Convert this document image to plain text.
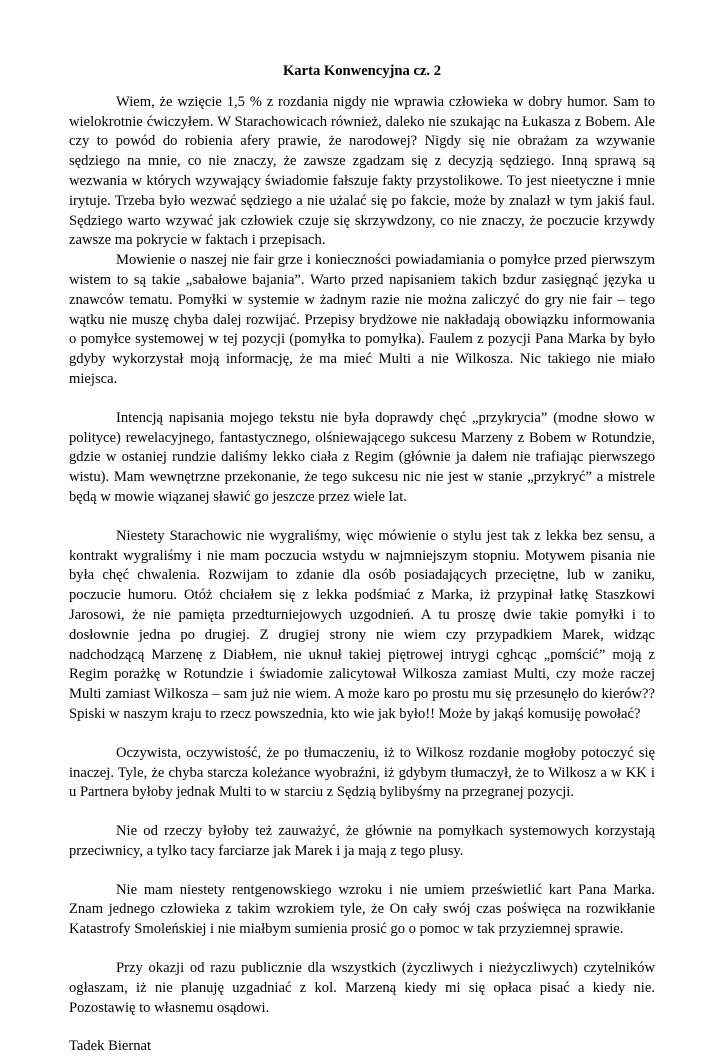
Karta Konwencyjna cz. 2

Wiem, że wzięcie 1,5 % z rozdania nigdy nie wprawia człowieka w dobry humor. Sam to wielokrotnie ćwiczyłem. W Starachowicach również, daleko nie szukając na Łukasza z Bobem. Ale czy to powód do robienia afery prawie, że narodowej? Nigdy się nie obrażam za wzywanie sędziego na mnie, co nie znaczy, że zawsze zgadzam się z decyzją sędziego. Inną sprawą są wezwania w których wzywający świadomie fałszuje fakty przystolikowe. To jest nieetyczne i mnie irytuje. Trzeba było wezwać sędziego a nie użalać się po fakcie, może by znalazł w tym jakiś faul. Sędziego warto wzywać jak człowiek czuje się skrzywdzony, co nie znaczy, że poczucie krzywdy zawsze ma pokrycie w faktach i przepisach.

Mowienie o naszej nie fair grze i konieczności powiadamiania o pomyłce przed pierwszym wistem to są takie „sabałowe bajania”. Warto przed napisaniem takich bzdur zasięgnąć języka u znawców tematu. Pomyłki w systemie w żadnym razie nie można zaliczyć do gry nie fair – tego wątku nie muszę chyba dalej rozwijać. Przepisy brydżowe nie nakładają obowiązku informowania o pomyłce systemowej w tej pozycji (pomyłka to pomyłka). Faulem z pozycji Pana Marka by było gdyby wykorzystał moją informację, że ma mieć Multi a nie Wilkosza. Nic takiego nie miało miejsca.

Intencją napisania mojego tekstu nie była doprawdy chęć „przykrycia” (modne słowo w polityce) rewelacyjnego, fantastycznego, olśniewającego sukcesu Marzeny z Bobem w Rotundzie, gdzie w ostaniej rundzie daliśmy lekko ciała z Regim (głównie ja dałem nie trafiając pierwszego wistu). Mam wewnętrzne przekonanie, że tego sukcesu nic nie jest w stanie „przykryć” a mistrele będą w mowie wiązanej sławić go jeszcze przez wiele lat.

Niestety Starachowic nie wygraliśmy, więc mówienie o stylu jest tak z lekka bez sensu, a kontrakt wygraliśmy i nie mam poczucia wstydu w najmniejszym stopniu. Motywem pisania nie była chęć chwalenia. Rozwijam to zdanie dla osób posiadających przeciętne, lub w zaniku, poczucie humoru. Otóż chciałem się z lekka podśmiać z Marka, iż przypinał łatkę Staszkowi Jarosowi, że nie pamięta przedturniejowych uzgodnień. A tu proszę dwie takie pomyłki i to dosłownie jedna po drugiej. Z drugiej strony nie wiem czy przypadkiem Marek, widząc nadchodzącą Marzenę z Diabłem, nie uknuł takiej piętrowej intrygi cghcąc „pomścić” moją z Regim porażkę w Rotundzie i świadomie zalicytował Wilkosza zamiast Multi, czy może raczej Multi zamiast Wilkosza – sam już nie wiem. A może karo po prostu mu się przesunęło do kierów?? Spiski w naszym kraju to rzecz powszednia, kto wie jak było!! Może by jakąś komusiję powołać?

Oczywista, oczywistość, że po tłumaczeniu, iż to Wilkosz rozdanie mogłoby potoczyć się inaczej. Tyle, że chyba starcza koleżance wyobraźni, iż gdybym tłumaczył, że to Wilkosz a w KK i u Partnera byłoby jednak Multi to w starciu z Sędzią bylibyśmy na przegranej pozycji.

Nie od rzeczy byłoby też zauważyć, że głównie na pomyłkach systemowych korzystają przeciwnicy, a tylko tacy farciarze jak Marek i ja mają z tego plusy.

Nie mam niestety rentgenowskiego wzroku i nie umiem prześwietlić kart Pana Marka. Znam jednego człowieka z takim wzrokiem tyle, że On cały swój czas poświęca na rozwikłanie Katastrofy Smoleńskiej i nie miałbym sumienia prosić go o pomoc w tak przyziemnej sprawie.

Przy okazji od razu publicznie dla wszystkich (życzliwych i nieżyczliwych) czytelników ogłaszam, iż nie planuję uzgadniać z kol. Marzeną kiedy mi się opłaca pisać a kiedy nie. Pozostawię to własnemu osądowi.

Tadek Biernat
